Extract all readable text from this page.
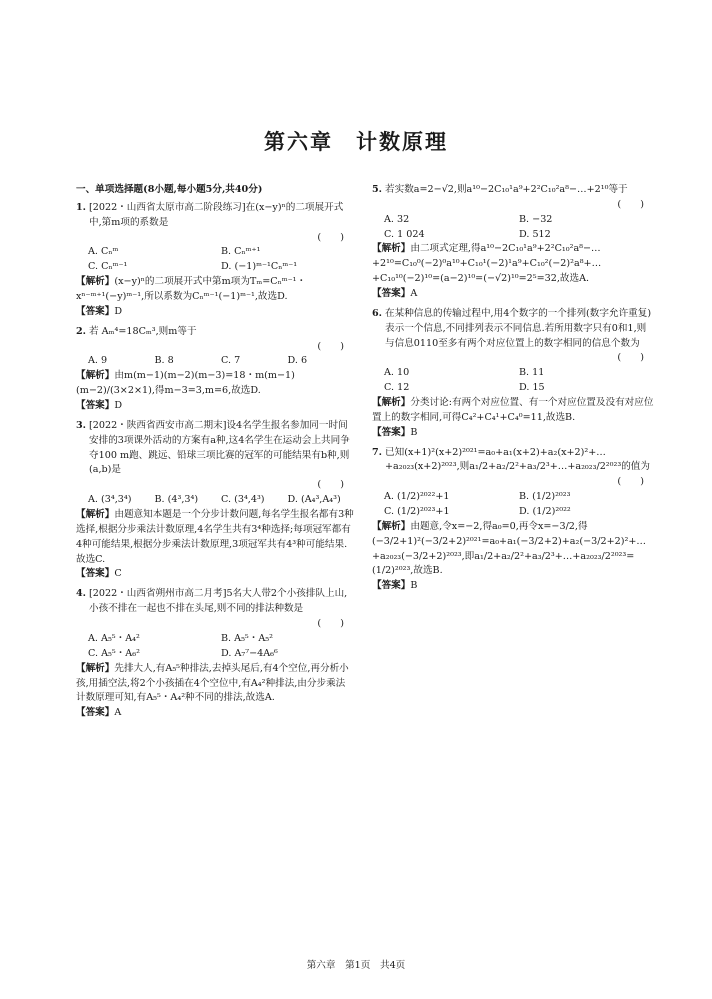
第六章　计数原理
一、单项选择题(8小题,每小题5分,共40分)
1. [2022・山西省太原市高二阶段练习]在(x−y)ⁿ的二项展开式中,第m项的系数是
(　　)
A. Cₙᵐ	B. Cₙᵐ⁺¹
C. Cₙᵐ⁻¹	D. (−1)ᵐ⁻¹Cₙᵐ⁻¹
【解析】(x−y)ⁿ的二项展开式中第m项为Tₘ=Cₙᵐ⁻¹・xⁿ⁻ᵐ⁺¹(−y)ᵐ⁻¹,所以系数为Cₙᵐ⁻¹(−1)ᵐ⁻¹,故选D.
【答案】D
2. 若 Aₘ⁴=18Cₘ³,则m等于
(　　)
A. 9	B. 8	C. 7	D. 6
【解析】由m(m−1)(m−2)(m−3)=18・m(m−1)(m−2)/(3×2×1),得m−3=3,m=6,故选D.
【答案】D
3. [2022・陕西省西安市高二期末]设4名学生报名参加同一时间安排的3项课外活动的方案有a种,这4名学生在运动会上共同争夺100 m跑、跳远、铅球三项比赛的冠军的可能结果有b种,则(a,b)是
(　　)
A. (3⁴,3⁴)	B. (4³,3⁴)	C. (3⁴,4³)	D. (A₄³,A₄³)
【解析】由题意知本题是一个分步计数问题,每名学生报名都有3种选择,根据分步乘法计数原理,4名学生共有3⁴种选择;每项冠军都有4种可能结果,根据分步乘法计数原理,3项冠军共有4³种可能结果.故选C.
【答案】C
4. [2022・山西省朔州市高二月考]5名大人带2个小孩排队上山,小孩不排在一起也不排在头尾,则不同的排法种数是
(　　)
A. A₅⁵・A₄²	B. A₅⁵・A₅²
C. A₅⁵・A₆²	D. A₇⁷−4A₆⁶
【解析】先排大人,有A₅⁵种排法,去掉头尾后,有4个空位,再分析小孩,用插空法,将2个小孩插在4个空位中,有A₄²种排法,由分步乘法计数原理可知,有A₅⁵・A₄²种不同的排法,故选A.
【答案】A
5. 若实数a=2−√2,则a¹⁰−2C₁₀¹a⁹+2²C₁₀²a⁸−…+2¹⁰等于
(　　)
A. 32	B. −32
C. 1 024	D. 512
【解析】由二项式定理,得a¹⁰−2C₁₀¹a⁹+2²C₁₀²a⁸−…+2¹⁰=C₁₀⁰(−2)⁰a¹⁰+C₁₀¹(−2)¹a⁹+C₁₀²(−2)²a⁸+…+C₁₀¹⁰(−2)¹⁰=(a−2)¹⁰=(−√2)¹⁰=2⁵=32,故选A.
【答案】A
6. 在某种信息的传输过程中,用4个数字的一个排列(数字允许重复)表示一个信息,不同排列表示不同信息.若所用数字只有0和1,则与信息0110至多有两个对应位置上的数字相同的信息个数为
(　　)
A. 10	B. 11
C. 12	D. 15
【解析】分类讨论:有两个对应位置、有一个对应位置及没有对应位置上的数字相同,可得C₄²+C₄¹+C₄⁰=11,故选B.
【答案】B
7. 已知(x+1)²(x+2)²⁰²¹=a₀+a₁(x+2)+a₂(x+2)²+…+a₂₀₂₃(x+2)²⁰²³,则a₁/2+a₂/2²+a₃/2³+…+a₂₀₂₃/2²⁰²³的值为
(　　)
A. (1/2)²⁰²²+1	B. (1/2)²⁰²³
C. (1/2)²⁰²³+1	D. (1/2)²⁰²²
【解析】由题意,令x=−2,得a₀=0,再令x=−3/2,得(−3/2+1)²(−3/2+2)²⁰²¹=a₀+a₁(−3/2+2)+a₂(−3/2+2)²+…+a₂₀₂₃(−3/2+2)²⁰²³,即a₁/2+a₂/2²+a₃/2³+…+a₂₀₂₃/2²⁰²³=(1/2)²⁰²³,故选B.
【答案】B
第六章　第1页　共4页
